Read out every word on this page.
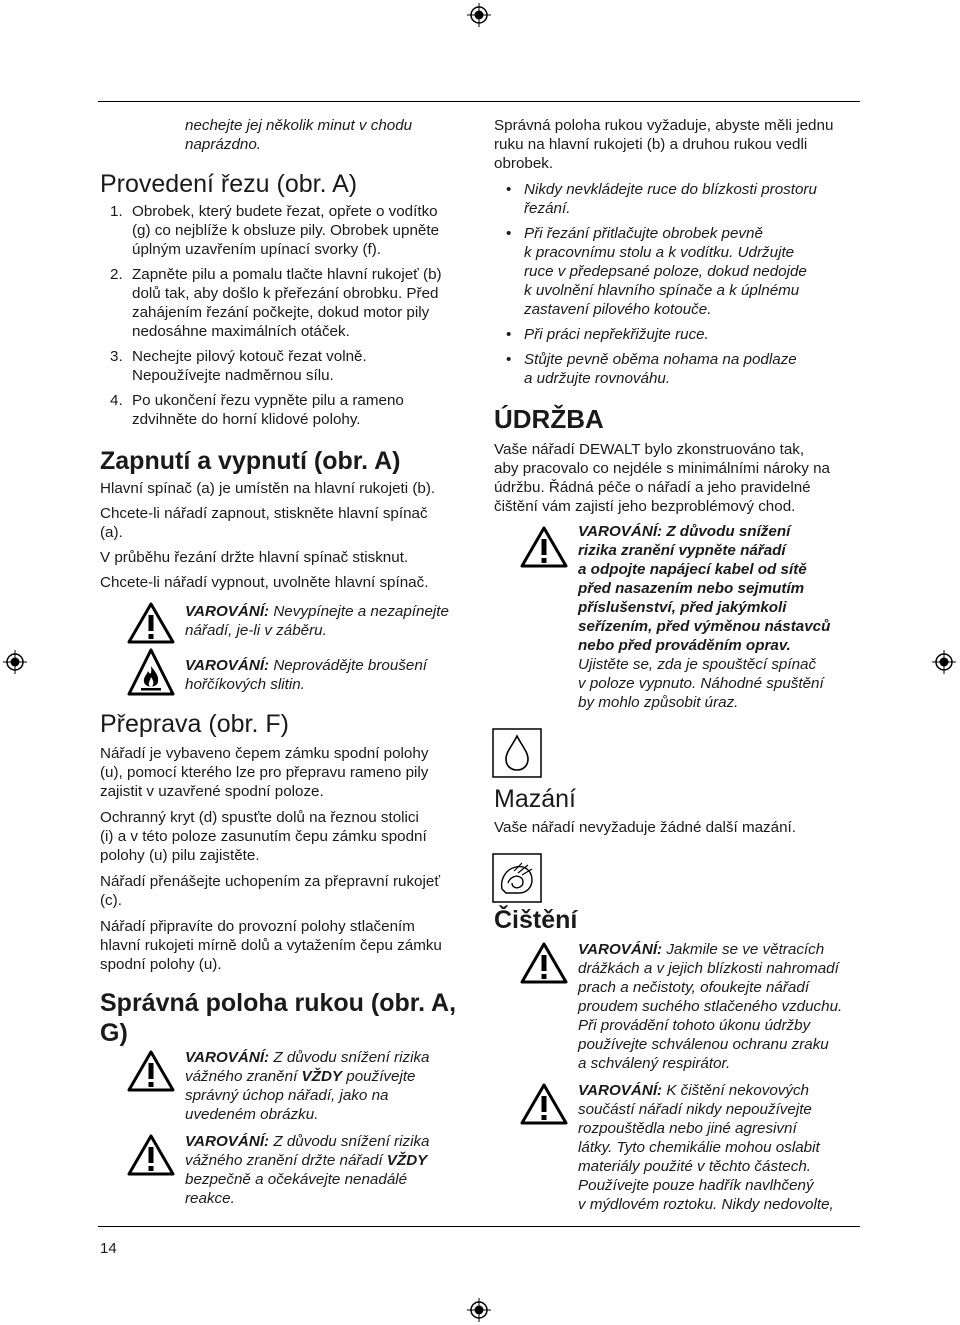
14

nechejte jej několik minut v chodu

naprázdno.

Provedení řezu (obr. A)
1. Obrobek, který budete řezat, opřete o vodítko

(g) co nejblíže k obsluze pily. Obrobek upněte

úplným uzavřením upínací svorky (f).

2. Zapněte pilu a pomalu tlačte hlavní rukojeť (b)

dolů tak, aby došlo k přeřezání obrobku. Před

zahájením řezání počkejte, dokud motor pily

nedosáhne maximálních otáček.

3. Nechejte pilový kotouč řezat volně.

Nepoužívejte nadměrnou sílu.

4. Po ukončení řezu vypněte pilu a rameno

zdvihněte do horní klidové polohy.

Zapnutí a vypnutí (obr. A)

Hlavní spínač (a) je umístěn na hlavní rukojeti (b).

Chcete-li nářadí zapnout, stiskněte hlavní spínač

(a).

V průběhu řezání držte hlavní spínač stisknut.

Chcete-li nářadí vypnout, uvolněte hlavní spínač.

VAROVÁNÍ: Nevypínejte a nezapínejte

nářadí, je-li v záběru.

VAROVÁNÍ: Neprovádějte broušení

hořčíkových slitin.

Přeprava (obr. F)

Nářadí je vybaveno čepem zámku spodní polohy

(u), pomocí kterého lze pro přepravu rameno pily

zajistit v uzavřené spodní poloze.

Ochranný kryt (d) spusťte dolů na řeznou stolici

(i) a v této poloze zasunutím čepu zámku spodní

polohy (u) pilu zajistěte.

Nářadí přenášejte uchopením za přepravní rukojeť

(c).

Nářadí připravíte do provozní polohy stlačením

hlavní rukojeti mírně dolů a vytažením čepu zámku

spodní polohy (u).

Správná poloha rukou (obr. A,

G)

VAROVÁNÍ: Z důvodu snížení rizika

vážného zranění VŽDY používejte

správný úchop nářadí, jako na

uvedeném obrázku.

VAROVÁNÍ: Z důvodu snížení rizika

vážného zranění držte nářadí VŽDY

bezpečně a očekávejte nenadálé

reakce.

Správná poloha rukou vyžaduje, abyste měli jednu

ruku na hlavní rukojeti (b) a druhou rukou vedli

obrobek.

• Nikdy nevkládejte ruce do blízkosti prostoru

řezání.

• Při řezání přitlačujte obrobek pevně

k pracovnímu stolu a k vodítku. Udržujte

ruce v předepsané poloze, dokud nedojde

k uvolnění hlavního spínače a k úplnému

zastavení pilového kotouče.

• Při práci nepřekřižujte ruce.

• Stůjte pevně oběma nohama na podlaze

a udržujte rovnováhu.

ÚDRŽBA

Vaše nářadí DEWALT bylo zkonstruováno tak,

aby pracovalo co nejdéle s minimálními nároky na

údržbu. Řádná péče o nářadí a jeho pravidelné

čištění vám zajistí jeho bezproblémový chod.

VAROVÁNÍ: Z důvodu snížení

rizika zranění vypněte nářadí

a odpojte napájecí kabel od sítě

před nasazením nebo sejmutím

příslušenství, před jakýmkoli

seřízením, před výměnou nástavců

nebo před prováděním oprav.

Ujistěte se, zda je spouštěcí spínač

v poloze vypnuto. Náhodné spuštění

by mohlo způsobit úraz.

Mazání

Vaše nářadí nevyžaduje žádné další mazání.

Čištění

VAROVÁNÍ: Jakmile se ve větracích

drážkách a v jejich blízkosti nahromadí

prach a nečistoty, ofoukejte nářadí

proudem suchého stlačeného vzduchu.

Při provádění tohoto úkonu údržby

používejte schválenou ochranu zraku

a schválený respirátor.

VAROVÁNÍ: K čištění nekovových

součástí nářadí nikdy nepoužívejte

rozpouštědla nebo jiné agresivní

látky. Tyto chemikálie mohou oslabit

materiály použité v těchto částech.

Používejte pouze hadřík navlhčený

v mýdlovém roztoku. Nikdy nedovolte,
